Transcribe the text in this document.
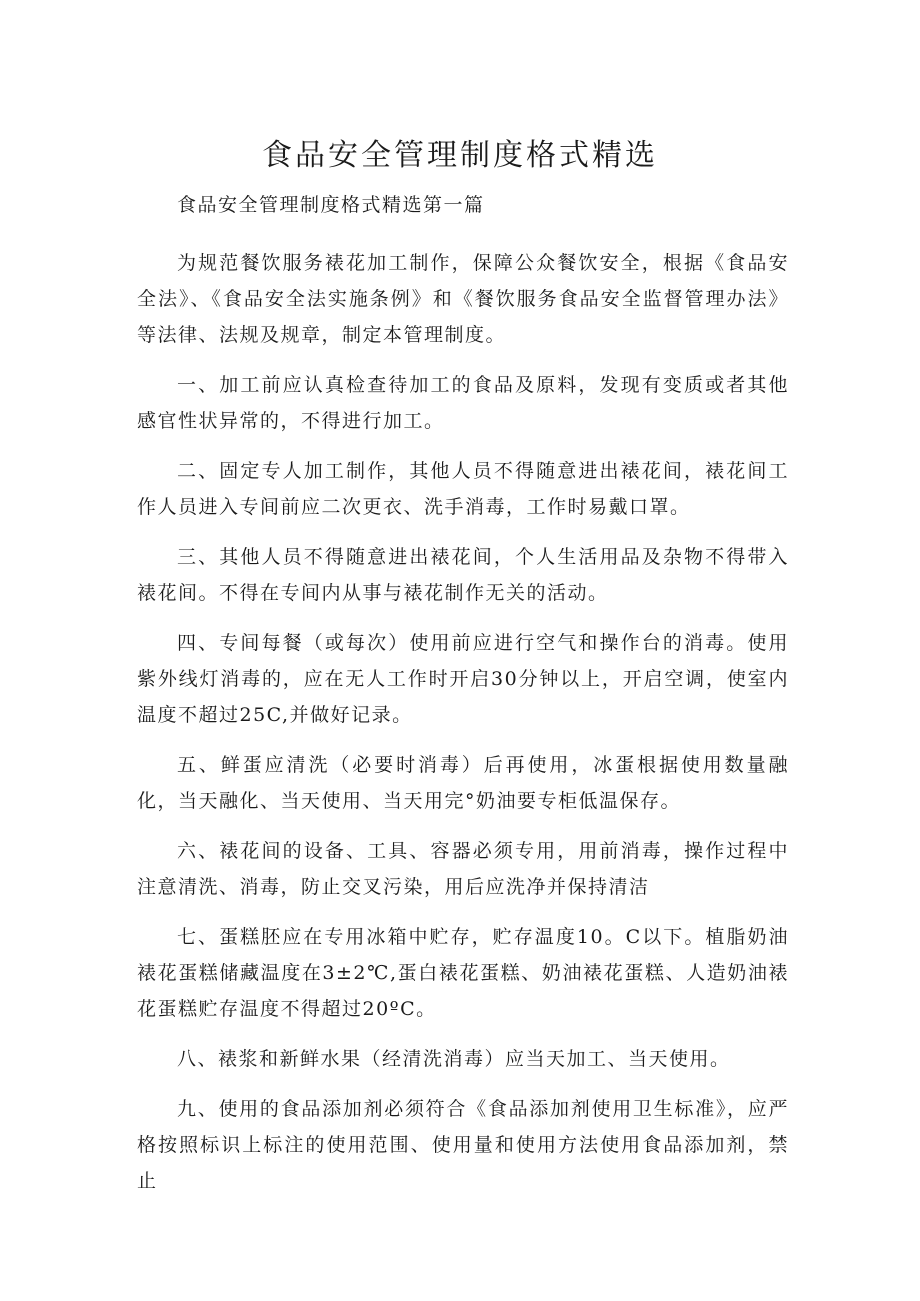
食品安全管理制度格式精选

食品安全管理制度格式精选第一篇

为规范餐饮服务裱花加工制作，保障公众餐饮安全，根据《食品安全法》、《食品安全法实施条例》和《餐饮服务食品安全监督管理办法》等法律、法规及规章，制定本管理制度。

一、加工前应认真检查待加工的食品及原料，发现有变质或者其他感官性状异常的，不得进行加工。

二、固定专人加工制作，其他人员不得随意进出裱花间，裱花间工作人员进入专间前应二次更衣、洗手消毒，工作时易戴口罩。

三、其他人员不得随意进出裱花间，个人生活用品及杂物不得带入裱花间。不得在专间内从事与裱花制作无关的活动。

四、专间每餐（或每次）使用前应进行空气和操作台的消毒。使用紫外线灯消毒的，应在无人工作时开启30分钟以上，开启空调，使室内温度不超过25C,并做好记录。

五、鲜蛋应清洗（必要时消毒）后再使用，冰蛋根据使用数量融化，当天融化、当天使用、当天用完°奶油要专柜低温保存。

六、裱花间的设备、工具、容器必须专用，用前消毒，操作过程中注意清洗、消毒，防止交叉污染，用后应洗净并保持清洁

七、蛋糕胚应在专用冰箱中贮存，贮存温度10。C以下。植脂奶油裱花蛋糕储藏温度在3±2℃,蛋白裱花蛋糕、奶油裱花蛋糕、人造奶油裱花蛋糕贮存温度不得超过20ºC。

八、裱浆和新鲜水果（经清洗消毒）应当天加工、当天使用。

九、使用的食品添加剂必须符合《食品添加剂使用卫生标准》，应严格按照标识上标注的使用范围、使用量和使用方法使用食品添加剂，禁止
